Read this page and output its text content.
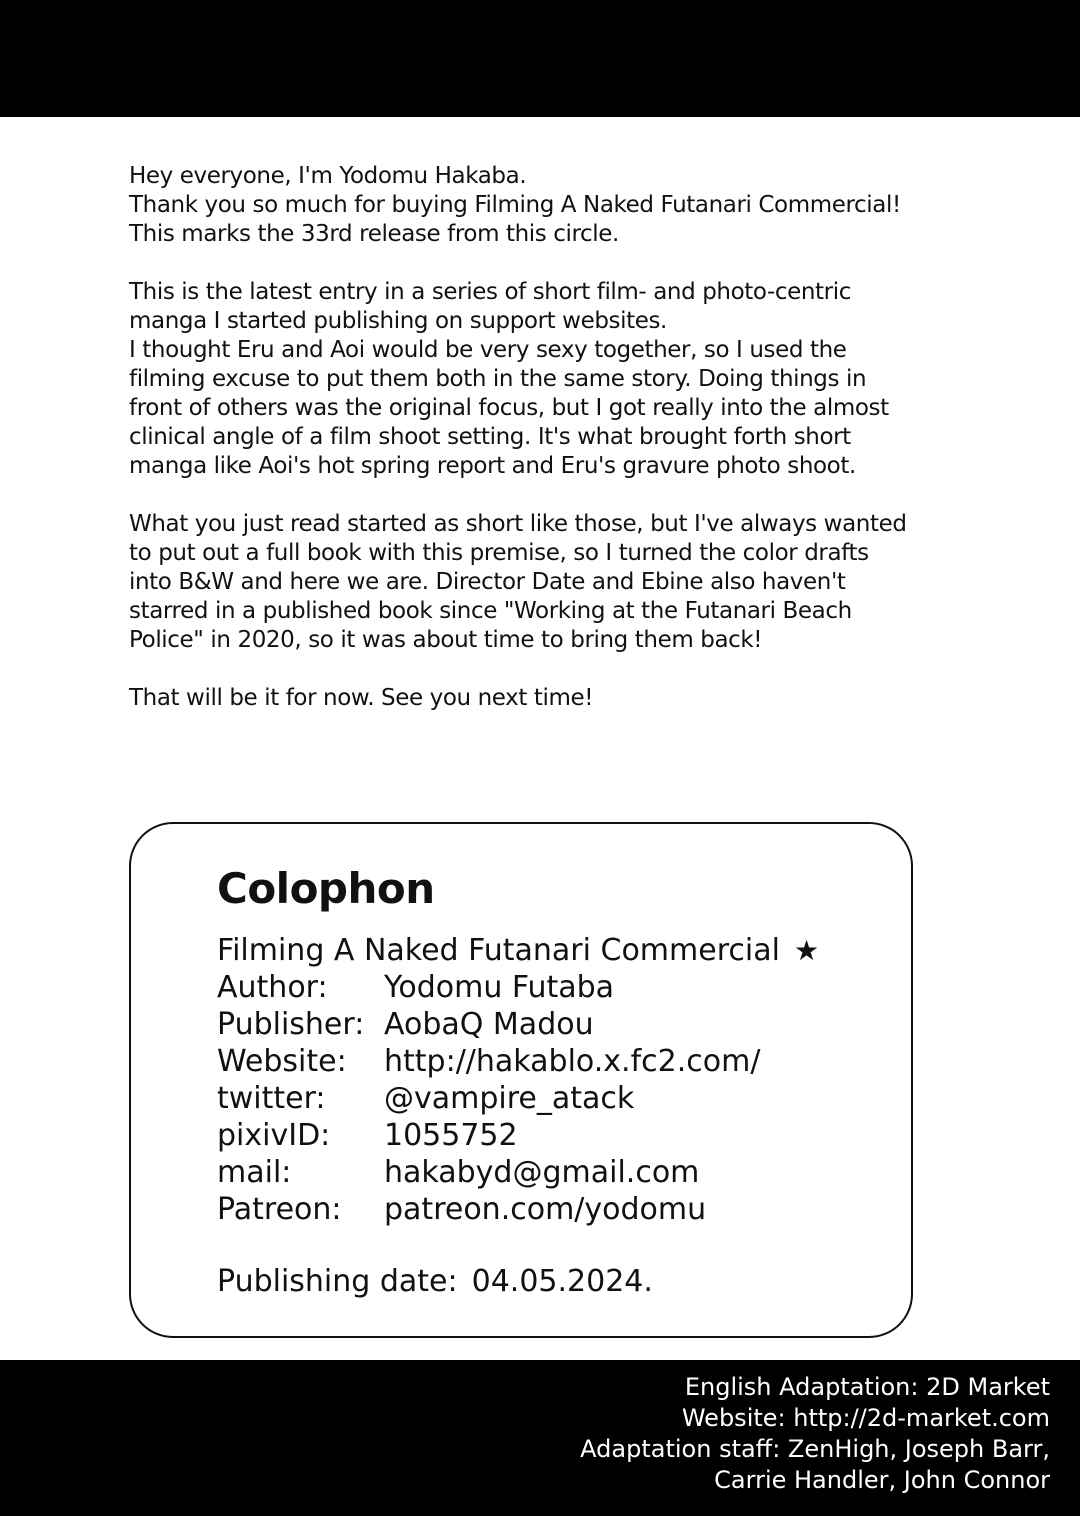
Hey everyone, I'm Yodomu Hakaba.
Thank you so much for buying Filming A Naked Futanari Commercial!
This marks the 33rd release from this circle.

This is the latest entry in a series of short film- and photo-centric
manga I started publishing on support websites.
I thought Eru and Aoi would be very sexy together, so I used the
filming excuse to put them both in the same story. Doing things in
front of others was the original focus, but I got really into the almost
clinical angle of a film shoot setting. It's what brought forth short
manga like Aoi's hot spring report and Eru's gravure photo shoot.

What you just read started as short like those, but I've always wanted
to put out a full book with this premise, so I turned the color drafts
into B&W and here we are. Director Date and Ebine also haven't
starred in a published book since "Working at the Futanari Beach
Police" in 2020, so it was about time to bring them back!

That will be it for now. See you next time!

Colophon
Filming A Naked Futanari Commercial ★
Author: Yodomu Futaba
Publisher: AobaQ Madou
Website: http://hakablo.x.fc2.com/
twitter: @vampire_atack
pixivID: 1055752
mail:	hakabyd@gmail.com
Patreon: patreon.com/yodomu
Publishing date: 04.05.2024.
English Adaptation: 2D Market
Website: http://2d-market.com
Adaptation staff: ZenHigh, Joseph Barr,
Carrie Handler, John Connor
